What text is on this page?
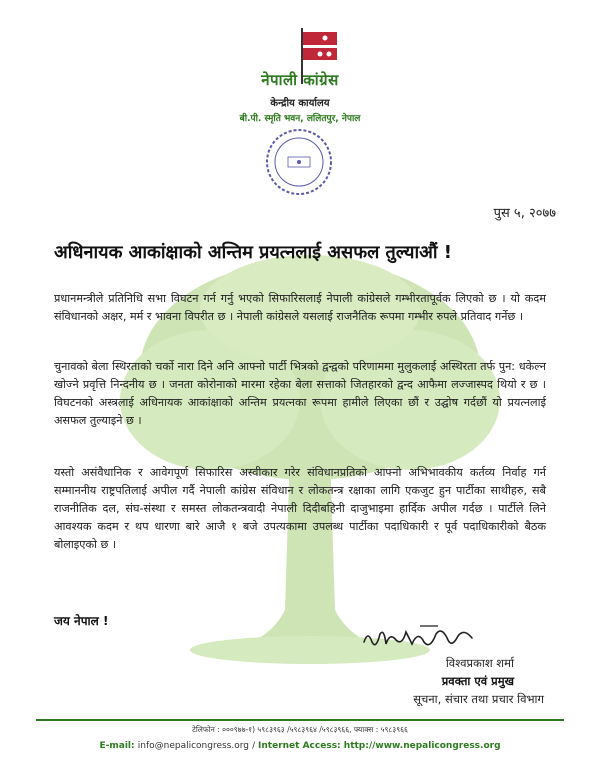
नेपाली कांग्रेस
केन्द्रीय कार्यालय
बी.पी. स्मृति भवन, ललितपुर, नेपाल
पुस ५, २०७७
अधिनायक आकांक्षाको अन्तिम प्रयत्नलाई असफल तुल्याऔं !
प्रधानमन्त्रीले प्रतिनिधि सभा विघटन गर्न गर्नु भएको सिफारिसलाई नेपाली कांग्रेसले गम्भीरतापूर्वक लिएको छ । यो कदम संविधानको अक्षर, मर्म र भावना विपरीत छ । नेपाली कांग्रेसले यसलाई राजनैतिक रूपमा गम्भीर रुपले प्रतिवाद गर्नेछ ।
चुनावको बेला स्थिरताको चर्को नारा दिने अनि आफ्नो पार्टी भित्रको द्वन्द्वको परिणाममा मुलुकलाई अस्थिरता तर्फ पुन: धकेल्न खोज्ने प्रवृत्ति निन्दनीय छ । जनता कोरोनाको मारमा रहेका बेला सत्ताको जितहारको द्वन्द आफैमा लज्जास्पद थियो र छ । विघटनको अस्त्रलाई अधिनायक आकांक्षाको अन्तिम प्रयत्नका रूपमा हामीले लिएका छौं र उद्घोष गर्दछौं यो प्रयत्नलाई असफल तुल्याइने छ ।
यस्तो असंवैधानिक र आवेगपूर्ण सिफारिस अस्वीकार गरेर संविधानप्रतिको आफ्नो अभिभावकीय कर्तव्य निर्वाह गर्न सम्माननीय राष्ट्रपतिलाई अपील गर्दै नेपाली कांग्रेस संविधान र लोकतन्त्र रक्षाका लागि एकजुट हुन पार्टीका साथीहरु, सबै राजनीतिक दल, संघ-संस्था र समस्त लोकतन्त्रवादी नेपाली दिदीबहिनी दाजुभाइमा हार्दिक अपील गर्दछ । पार्टीले लिने आवश्यक कदम र थप धारणा बारे आजै १ बजे उपत्यकामा उपलब्ध पार्टीका पदाधिकारी र पूर्व पदाधिकारीको बैठक बोलाइएको छ ।
जय नेपाल !
विश्वप्रकाश शर्मा
प्रवक्ता एवं प्रमुख
सूचना, संचार तथा प्रचार विभाग
टेलिफोन : ०००९७७-१) ५९८३९६३ /५९८३९६४ /५९८३९६६, फ्याक्स : ५९८३९६६
E-mail: info@nepalicongress.org / Internet Access: http://www.nepalicongress.org
